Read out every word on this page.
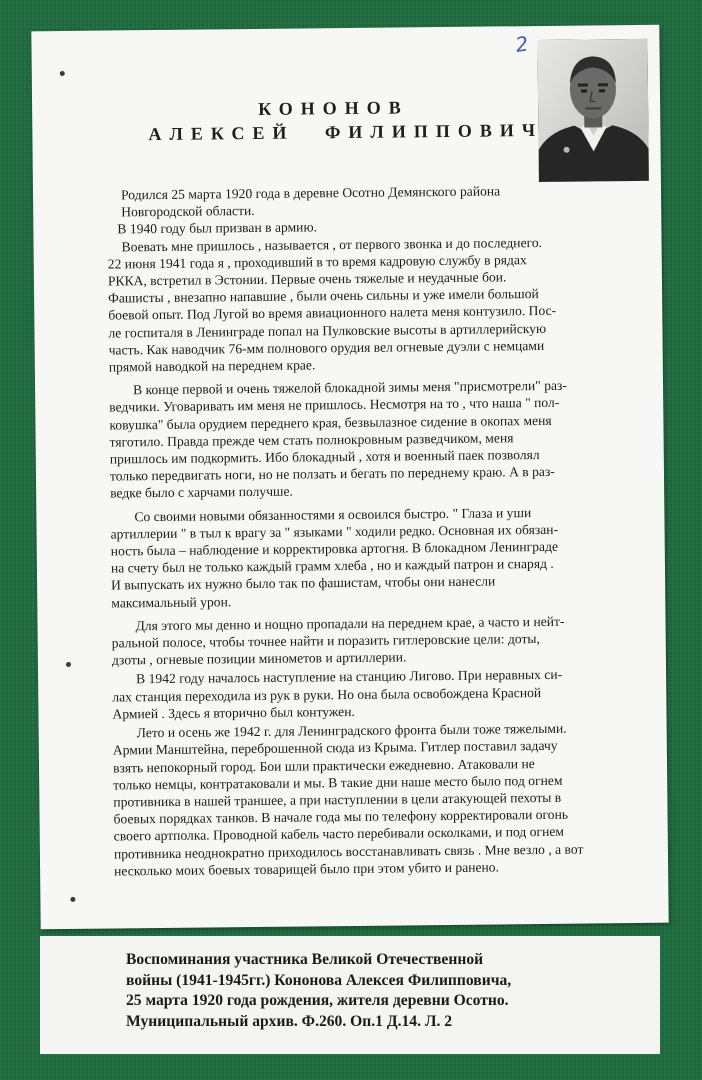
2
КОНОНОВ
АЛЕКСЕЙ ФИЛИППОВИЧ
Родился 25 марта 1920 года в деревне Осотно Демянского района
Новгородской области.
В 1940 году был призван в армию.
Воевать мне пришлось , называется , от первого звонка и до последнего.
22 июня 1941 года я , проходивший в то время кадровую службу в рядах
РККА, встретил в Эстонии. Первые очень тяжелые и неудачные бои.
Фашисты , внезапно напавшие , были очень сильны и уже имели большой
боевой опыт. Под Лугой во время авиационного налета меня контузило. Пос-
ле госпиталя в Ленинграде попал на Пулковские высоты в артиллерийскую
часть. Как наводчик 76-мм полнового орудия вел огневые дуэли с немцами
прямой наводкой на переднем крае.
В конце первой и очень тяжелой блокадной зимы меня "присмотрели" раз-
ведчики. Уговаривать им меня не пришлось. Несмотря на то , что наша " пол-
ковушка" была орудием переднего края, безвылазное сидение в окопах меня
тяготило. Правда прежде чем стать полнокровным разведчиком, меня
пришлось им подкормить. Ибо блокадный , хотя и военный паек позволял
только передвигать ноги, но не ползать и бегать по переднему краю. А в раз-
ведке было с харчами получше.
Со своими новыми обязанностями я освоился быстро. " Глаза и уши
артиллерии " в тыл к врагу за " языками " ходили редко. Основная их обязан-
ность была – наблюдение и корректировка артогня. В блокадном Ленинграде
на счету был не только каждый грамм хлеба , но и каждый патрон и снаряд .
И выпускать их нужно было так по фашистам, чтобы они нанесли
максимальный урон.
Для этого мы денно и нощно пропадали на переднем крае, а часто и нейт-
ральной полосе, чтобы точнее найти и поразить гитлеровские цели: доты,
дзоты , огневые позиции минометов и артиллерии.
В 1942 году началось наступление на станцию Лигово. При неравных си-
лах станция переходила из рук в руки. Но она была освобождена Красной
Армией . Здесь я вторично был контужен.
Лето и осень же 1942 г. для Ленинградского фронта были тоже тяжелыми.
Армии Манштейна, переброшенной сюда из Крыма. Гитлер поставил задачу
взять непокорный город. Бои шли практически ежедневно. Атаковали не
только немцы, контратаковали и мы. В такие дни наше место было под огнем
противника в нашей траншее, а при наступлении в цели атакующей пехоты в
боевых порядках танков. В начале года мы по телефону корректировали огонь
своего артполка. Проводной кабель часто перебивали осколками, и под огнем
противника неоднократно приходилось восстанавливать связь . Мне везло , а вот
несколько моих боевых товарищей было при этом убито и ранено.
Воспоминания участника Великой Отечественной
войны (1941-1945гг.) Кононова Алексея Филипповича,
25 марта 1920 года рождения, жителя деревни Осотно.
Муниципальный архив. Ф.260. Оп.1 Д.14. Л. 2
